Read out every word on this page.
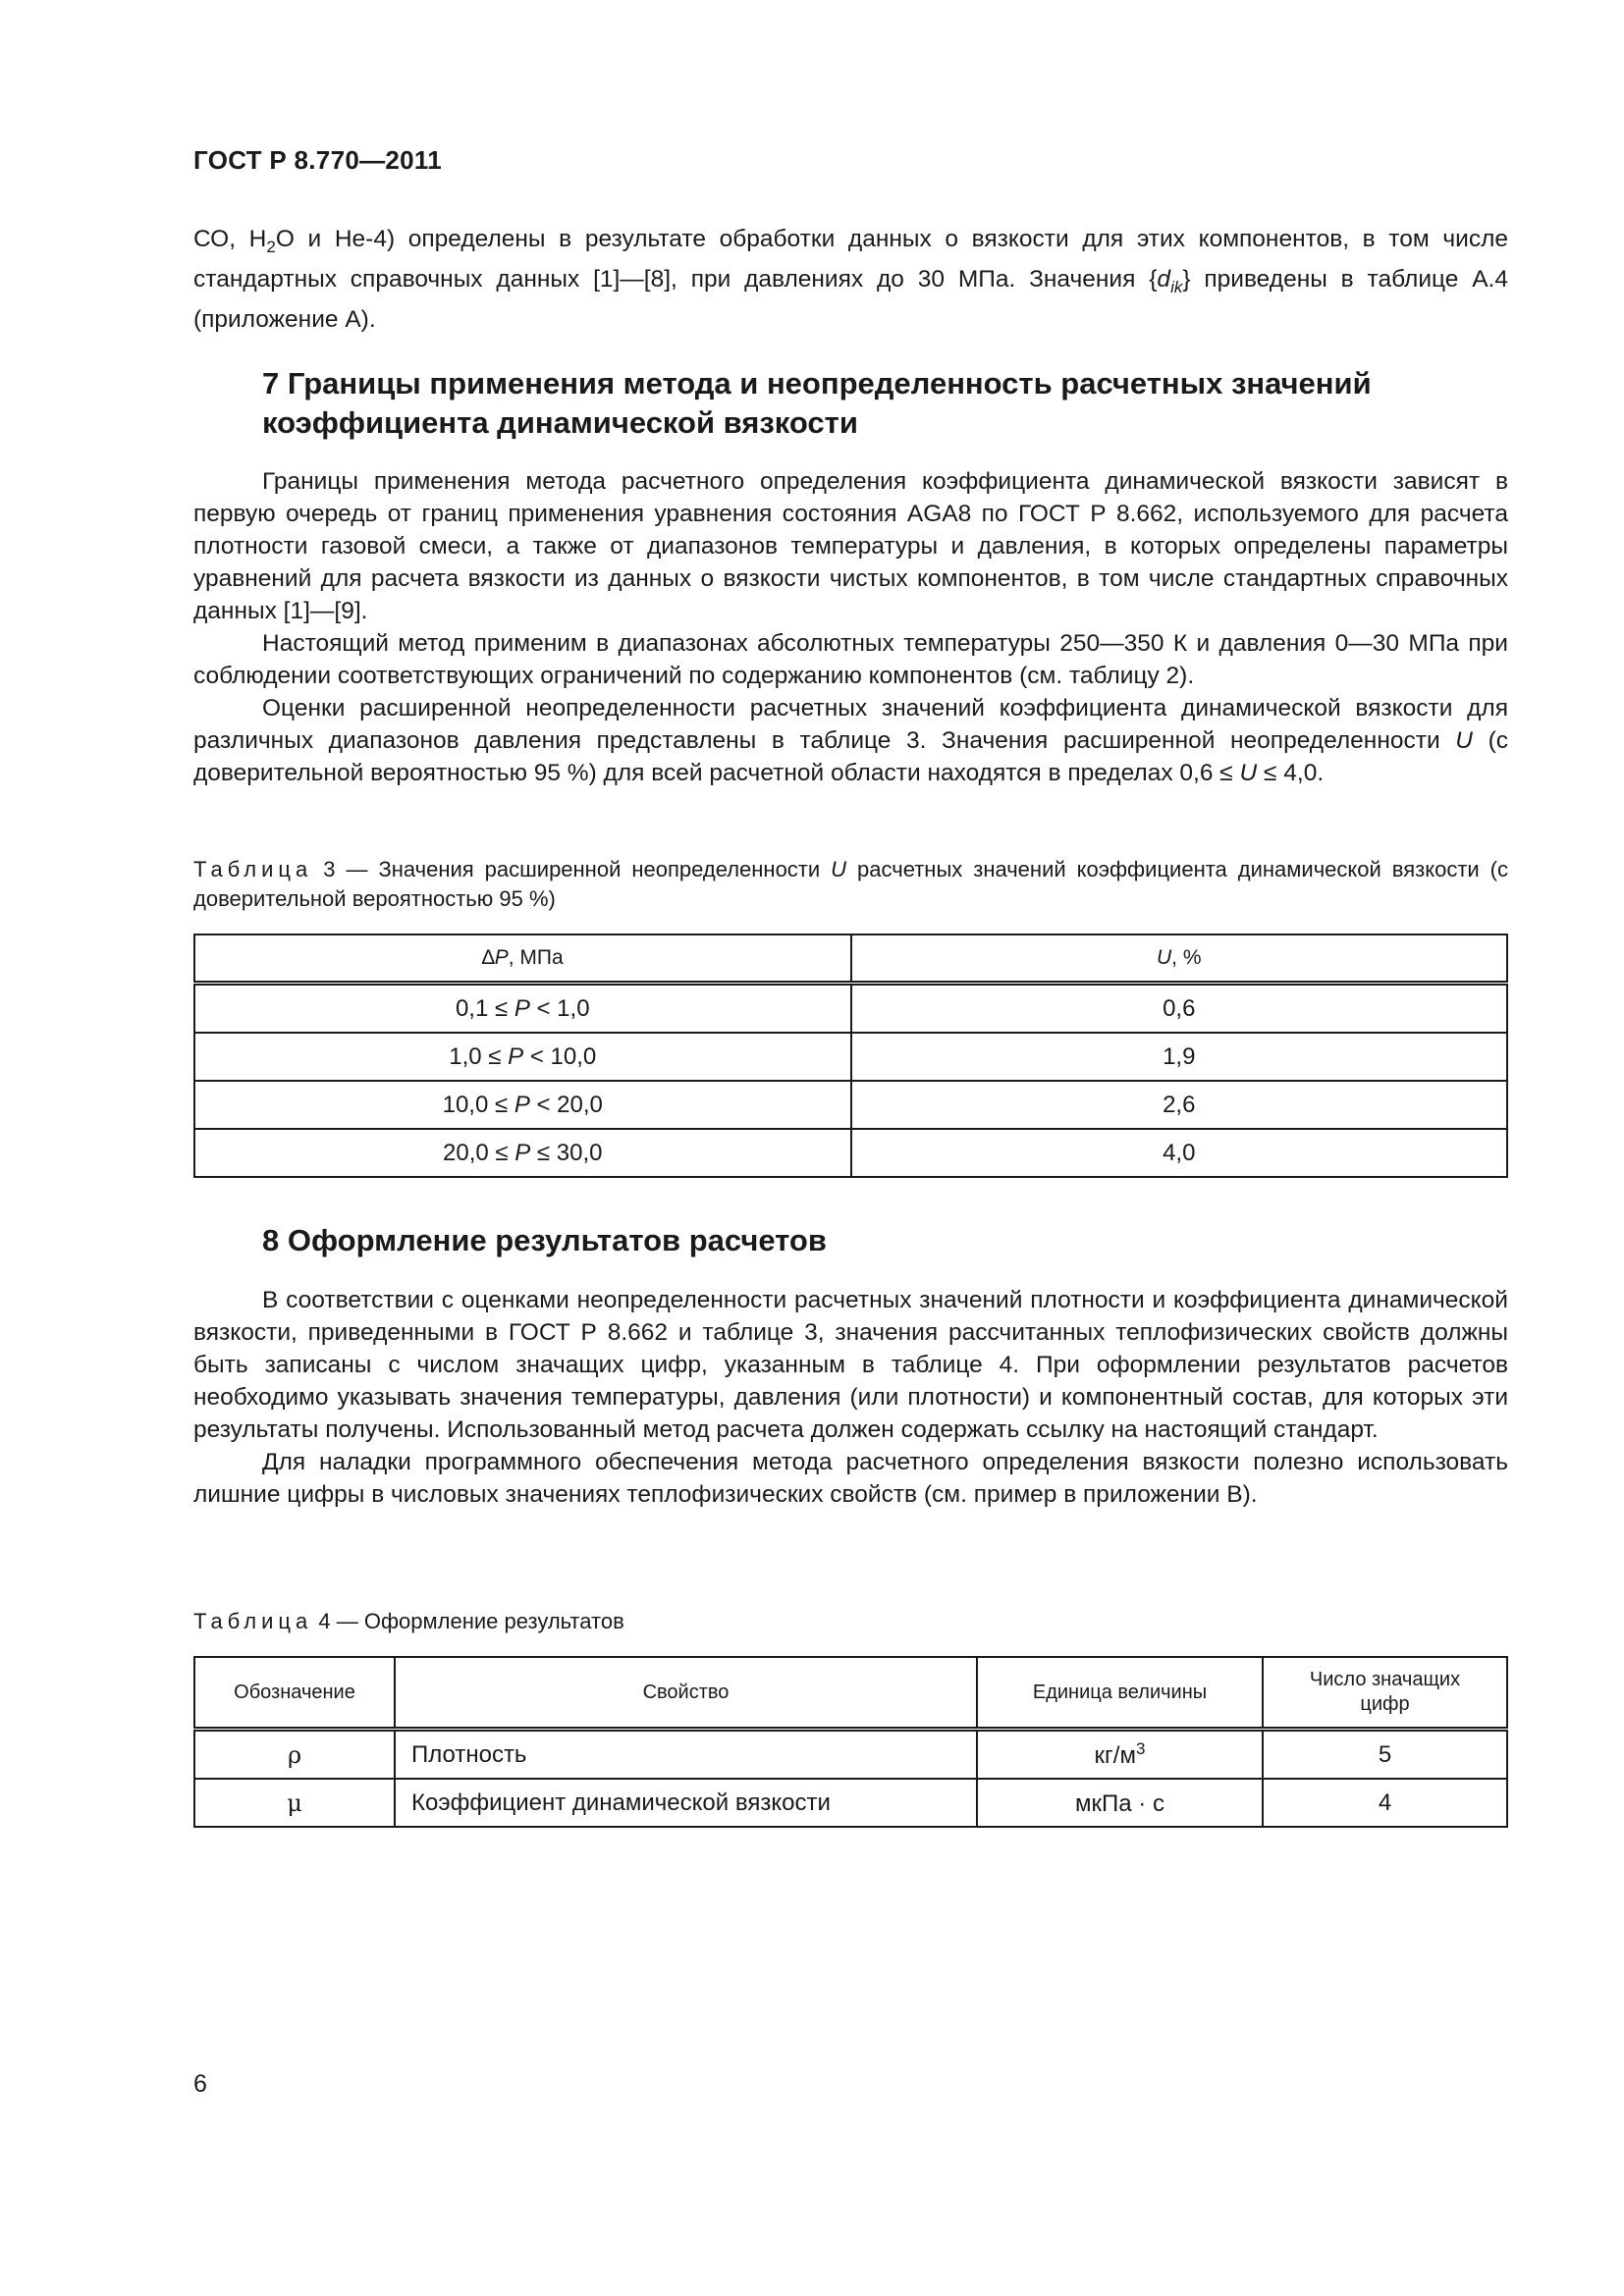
ГОСТ Р 8.770—2011

СО, $H_2O$ и He-4) определены в результате обработки данных о вязкости для этих компонентов, в том числе стандартных справочных данных [1]—[8], при давлениях до 30 МПа. Значения $\{d_{ik}\}$ приведены в таблице А.4 (приложение А).

7 Границы применения метода и неопределенность расчетных значений
коэффициента динамической вязкости

Границы применения метода расчетного определения коэффициента динамической вязкости зависят в первую очередь от границ применения уравнения состояния AGA8 по ГОСТ Р 8.662, используемого для расчета плотности газовой смеси, а также от диапазонов температуры и давления, в которых определены параметры уравнений для расчета вязкости из данных о вязкости чистых компонентов, в том числе стандартных справочных данных [1]—[9].

Настоящий метод применим в диапазонах абсолютных температуры 250—350 К и давления 0—30 МПа при соблюдении соответствующих ограничений по содержанию компонентов (см. таблицу 2).

Оценки расширенной неопределенности расчетных значений коэффициента динамической вязкости для различных диапазонов давления представлены в таблице 3. Значения расширенной неопределенности U (с доверительной вероятностью 95 %) для всей расчетной области находятся в пределах 0,6 ≤ U ≤ 4,0.

Таблица 3 — Значения расширенной неопределенности U расчетных значений коэффициента динамической вязкости (с доверительной вероятностью 95 %)
∆P, МПа	U, %
0,1 ≤ P < 1,0	0,6
1,0 ≤ P < 10,0	1,9
10,0 ≤ P < 20,0	2,6
20,0 ≤ P ≤ 30,0	4,0
8 Оформление результатов расчетов

В соответствии с оценками неопределенности расчетных значений плотности и коэффициента динамической вязкости, приведенными в ГОСТ Р 8.662 и таблице 3, значения рассчитанных теплофизических свойств должны быть записаны с числом значащих цифр, указанным в таблице 4. При оформлении результатов расчетов необходимо указывать значения температуры, давления (или плотности) и компонентный состав, для которых эти результаты получены. Использованный метод расчета должен содержать ссылку на настоящий стандарт.

Для наладки программного обеспечения метода расчетного определения вязкости полезно использовать лишние цифры в числовых значениях теплофизических свойств (см. пример в приложении В).

Таблица 4 — Оформление результатов
Обозначение	Свойство	Единица величины	Число значащих цифр
ρ	Плотность	$кг/м^3$	5
μ	Коэффициент динамической вязкости	мкПа · с	4
6
